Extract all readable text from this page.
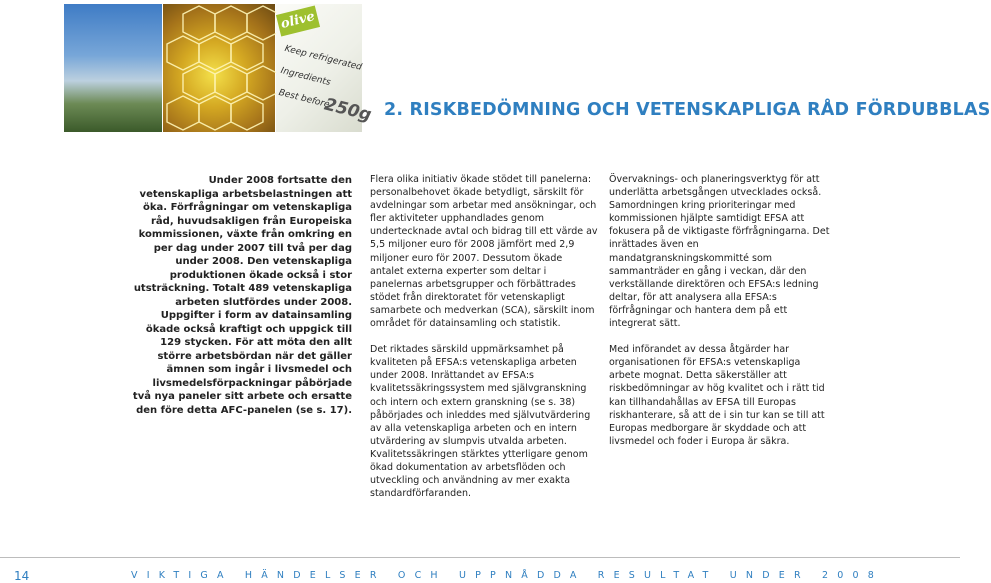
olive
Keep refrigerated
Ingredients
Best before
250g 2. RISKBEDÖMNING OCH VETENSKAPLIGA RÅD FÖRDUBBLAS

Under 2008 fortsatte den vetenskapliga arbetsbelastningen att öka. Förfrågningar om vetenskapliga råd, huvudsakligen från Europeiska kommissionen, växte från omkring en per dag under 2007 till två per dag under 2008. Den vetenskapliga produktionen ökade också i stor utsträckning. Totalt 489 vetenskapliga arbeten slutfördes under 2008. Uppgifter i form av datainsamling ökade också kraftigt och uppgick till 129 stycken. För att möta den allt större arbetsbördan när det gäller ämnen som ingår i livsmedel och livsmedelsförpackningar påbörjade två nya paneler sitt arbete och ersatte den före detta AFC-panelen (se s. 17).

Flera olika initiativ ökade stödet till panelerna: personalbehovet ökade betydligt, särskilt för avdelningar som arbetar med ansökningar, och fler aktiviteter upphandlades genom undertecknade avtal och bidrag till ett värde av 5,5 miljoner euro för 2008 jämfört med 2,9 miljoner euro för 2007. Dessutom ökade antalet externa experter som deltar i panelernas arbetsgrupper och förbättrades stödet från direktoratet för vetenskapligt samarbete och medverkan (SCA), särskilt inom området för datainsamling och statistik.

Det riktades särskild uppmärksamhet på kvaliteten på EFSA:s vetenskapliga arbeten under 2008. Inrättandet av EFSA:s kvalitetssäkringssystem med självgranskning och intern och extern granskning (se s. 38) påbörjades och inleddes med självutvärdering av alla vetenskapliga arbeten och en intern utvärdering av slumpvis utvalda arbeten. Kvalitetssäkringen stärktes ytterligare genom ökad dokumentation av arbetsflöden och utveckling och användning av mer exakta standardförfaranden.

Övervaknings- och planeringsverktyg för att underlätta arbetsgången utvecklades också. Samordningen kring prioriteringar med kommissionen hjälpte samtidigt EFSA att fokusera på de viktigaste förfrågningarna. Det inrättades även en mandatgranskningskommitté som sammanträder en gång i veckan, där den verkställande direktören och EFSA:s ledning deltar, för att analysera alla EFSA:s förfrågningar och hantera dem på ett integrerat sätt.

Med införandet av dessa åtgärder har organisationen för EFSA:s vetenskapliga arbete mognat. Detta säkerställer att riskbedömningar av hög kvalitet och i rätt tid kan tillhandahållas av EFSA till Europas riskhanterare, så att de i sin tur kan se till att Europas medborgare är skyddade och att livsmedel och foder i Europa är säkra.

14	VIKTIGA HÄNDELSER OCH UPPNÅDDA RESULTAT UNDER 2008
